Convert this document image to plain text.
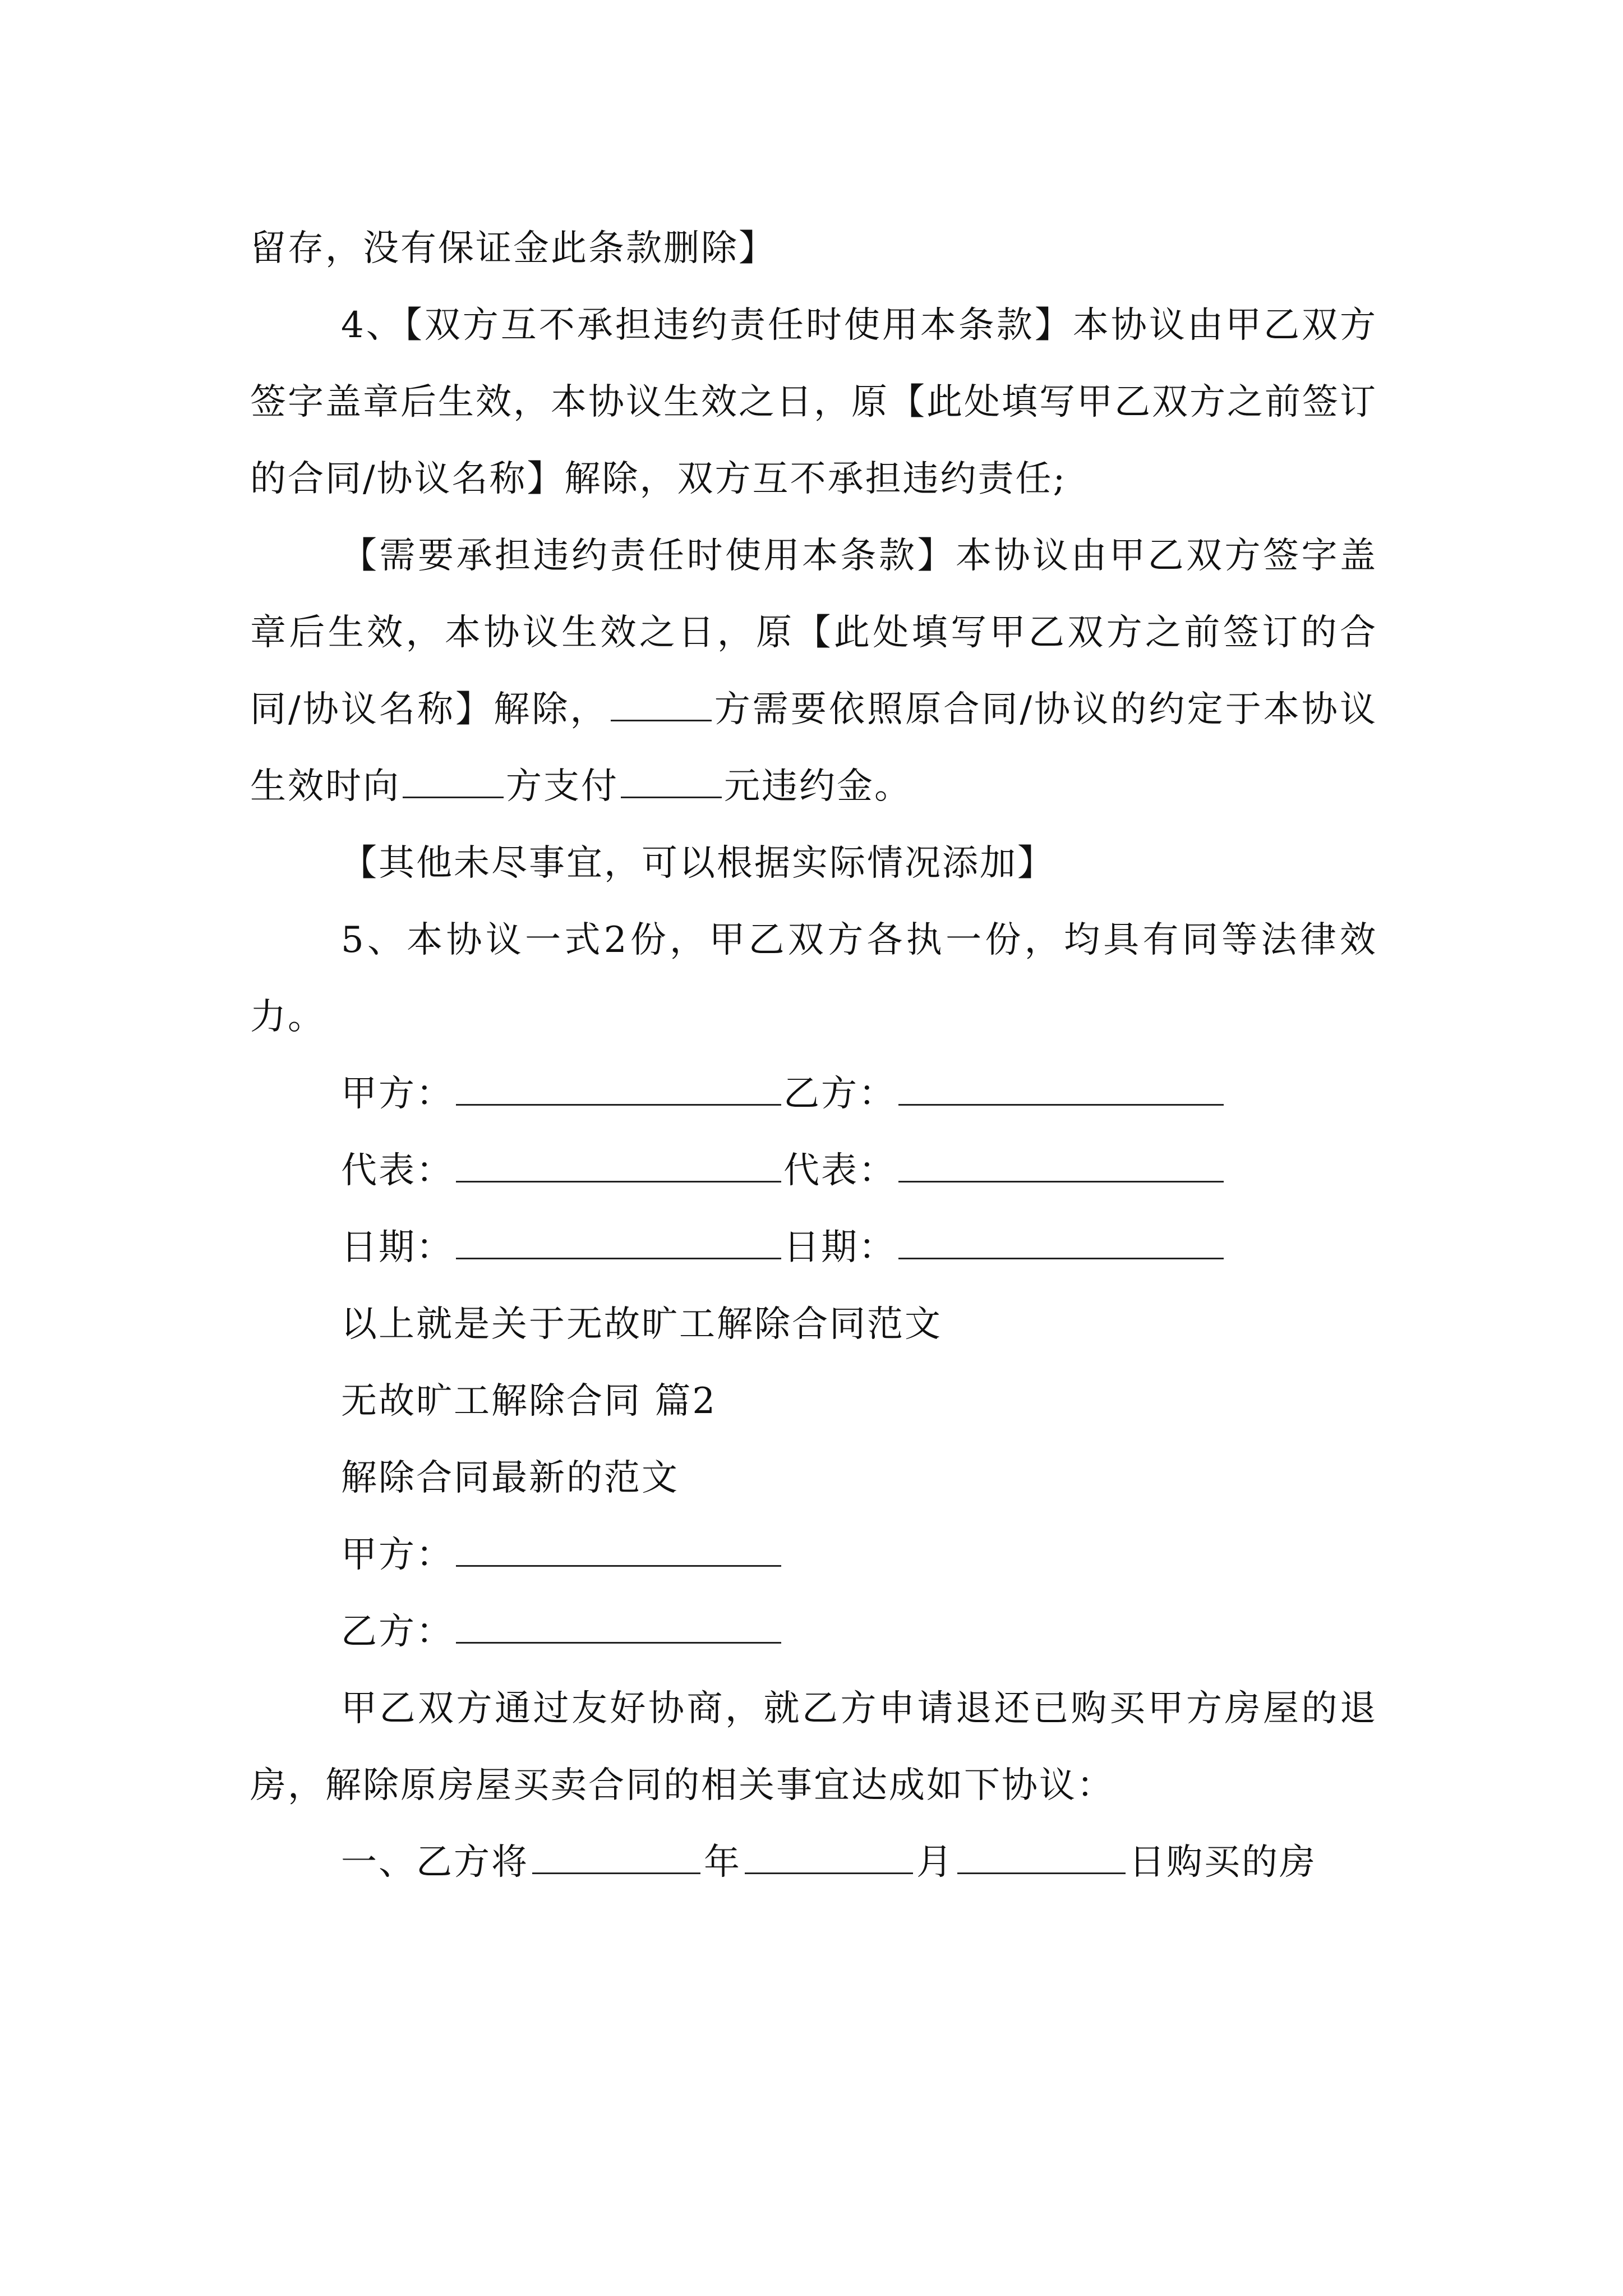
留存，没有保证金此条款删除】

4、【双方互不承担违约责任时使用本条款】本协议由甲乙双方签字盖章后生效，本协议生效之日，原【此处填写甲乙双方之前签订的合同/协议名称】解除，双方互不承担违约责任;

【需要承担违约责任时使用本条款】本协议由甲乙双方签字盖章后生效，本协议生效之日，原【此处填写甲乙双方之前签订的合同/协议名称】解除，	方需要依照原合同/协议的约定于本协议生效时向	方支付	元违约金。

【其他未尽事宜，可以根据实际情况添加】

5、本协议一式2份，甲乙双方各执一份，均具有同等法律效力。

甲方：	乙方：

代表：	代表：

日期：	日期：

以上就是关于无故旷工解除合同范文

无故旷工解除合同 篇2

解除合同最新的范文

甲方：

乙方：

甲乙双方通过友好协商，就乙方申请退还已购买甲方房屋的退房，解除原房屋买卖合同的相关事宜达成如下协议：

一、乙方将	年	月	日购买的房
